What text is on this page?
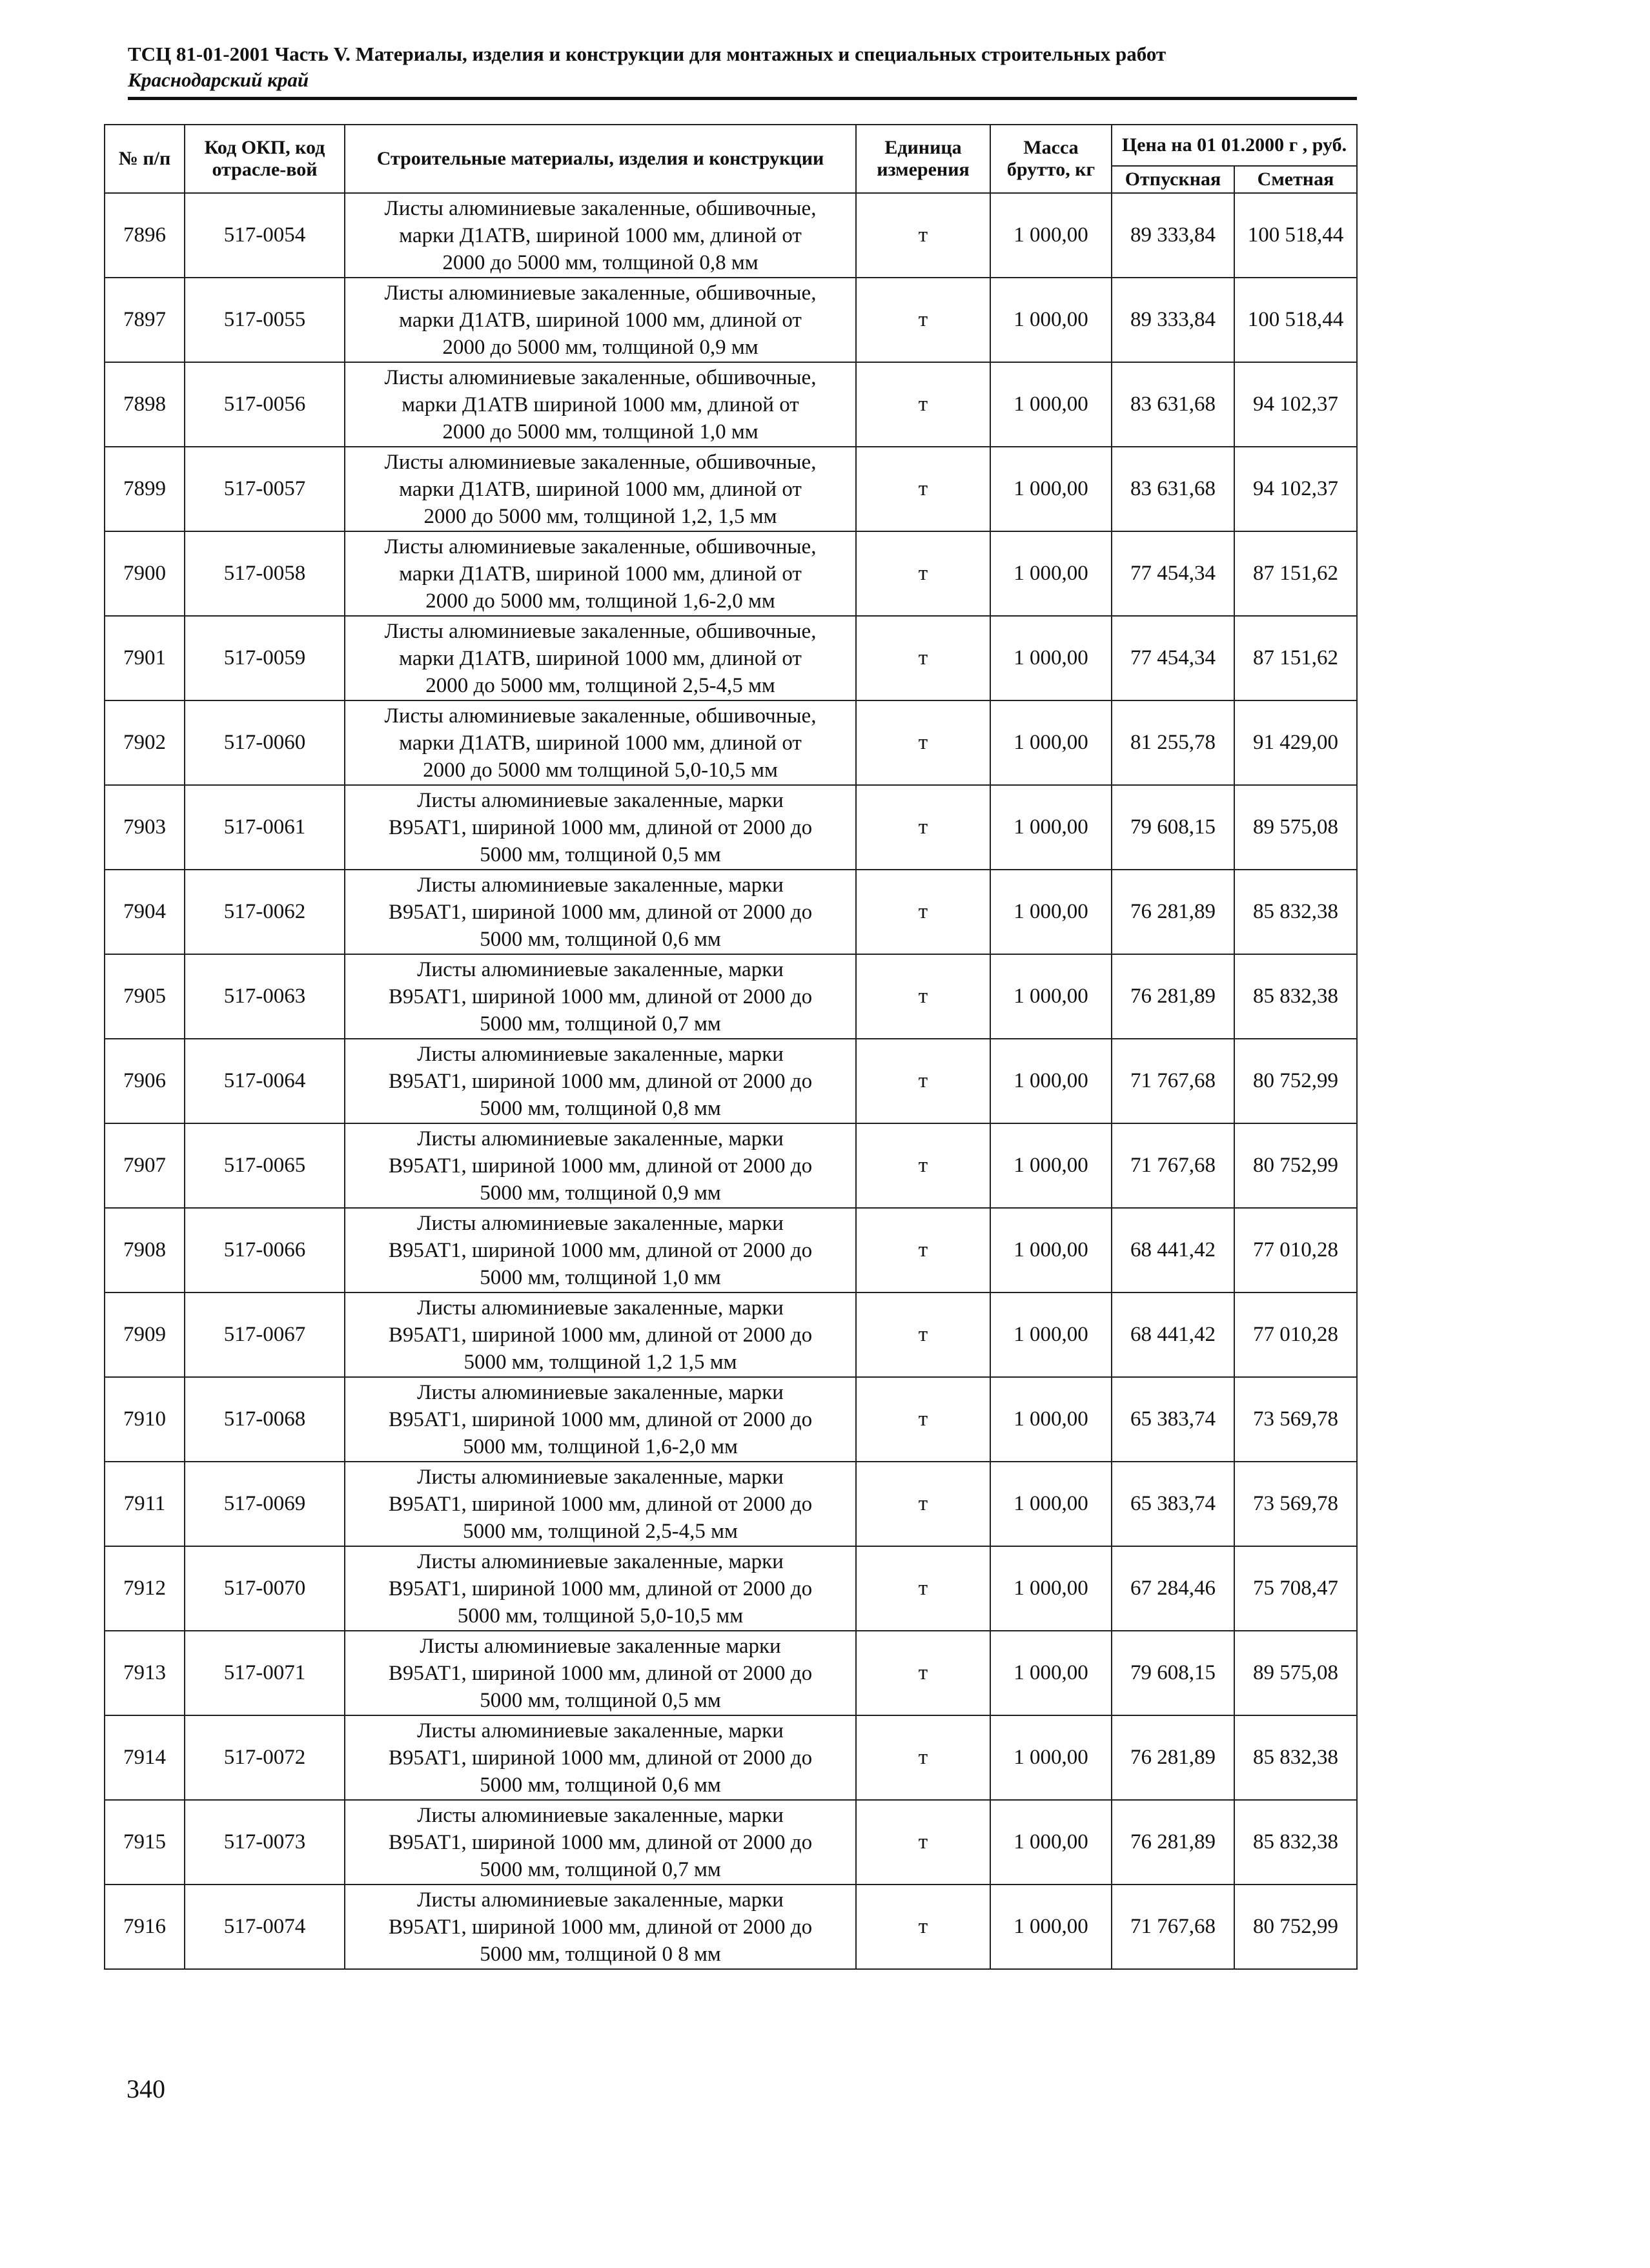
ТСЦ 81-01-2001 Часть V. Материалы, изделия и конструкции для монтажных и специальных строительных работ
Краснодарский край
№ п/п	Код ОКП, код отрасле-вой	Строительные материалы, изделия и конструкции	Единица измерения	Масса брутто, кг	Цена на 01 01.2000 г , руб.	
					Отпускная	Сметная
7896	517-0054	Листы алюминиевые закаленные, обшивочные,
марки Д1АТВ, шириной 1000 мм, длиной от
2000 до 5000 мм, толщиной 0,8 мм	т	1 000,00	89 333,84	100 518,44
7897	517-0055	Листы алюминиевые закаленные, обшивочные,
марки Д1АТВ, шириной 1000 мм, длиной от
2000 до 5000 мм, толщиной 0,9 мм	т	1 000,00	89 333,84	100 518,44
7898	517-0056	Листы алюминиевые закаленные, обшивочные,
марки Д1АТВ шириной 1000 мм, длиной от
2000 до 5000 мм, толщиной 1,0 мм	т	1 000,00	83 631,68	94 102,37
7899	517-0057	Листы алюминиевые закаленные, обшивочные,
марки Д1АТВ, шириной 1000 мм, длиной от
2000 до 5000 мм, толщиной 1,2, 1,5 мм	т	1 000,00	83 631,68	94 102,37
7900	517-0058	Листы алюминиевые закаленные, обшивочные,
марки Д1АТВ, шириной 1000 мм, длиной от
2000 до 5000 мм, толщиной 1,6-2,0 мм	т	1 000,00	77 454,34	87 151,62
7901	517-0059	Листы алюминиевые закаленные, обшивочные,
марки Д1АТВ, шириной 1000 мм, длиной от
2000 до 5000 мм, толщиной 2,5-4,5 мм	т	1 000,00	77 454,34	87 151,62
7902	517-0060	Листы алюминиевые закаленные, обшивочные,
марки Д1АТВ, шириной 1000 мм, длиной от
2000 до 5000 мм толщиной 5,0-10,5 мм	т	1 000,00	81 255,78	91 429,00
7903	517-0061	Листы алюминиевые закаленные, марки
В95АТ1, шириной 1000 мм, длиной от 2000 до
5000 мм, толщиной 0,5 мм	т	1 000,00	79 608,15	89 575,08
7904	517-0062	Листы алюминиевые закаленные, марки
В95АТ1, шириной 1000 мм, длиной от 2000 до
5000 мм, толщиной 0,6 мм	т	1 000,00	76 281,89	85 832,38
7905	517-0063	Листы алюминиевые закаленные, марки
В95АТ1, шириной 1000 мм, длиной от 2000 до
5000 мм, толщиной 0,7 мм	т	1 000,00	76 281,89	85 832,38
7906	517-0064	Листы алюминиевые закаленные, марки
В95АТ1, шириной 1000 мм, длиной от 2000 до
5000 мм, толщиной 0,8 мм	т	1 000,00	71 767,68	80 752,99
7907	517-0065	Листы алюминиевые закаленные, марки
В95АТ1, шириной 1000 мм, длиной от 2000 до
5000 мм, толщиной 0,9 мм	т	1 000,00	71 767,68	80 752,99
7908	517-0066	Листы алюминиевые закаленные, марки
В95АТ1, шириной 1000 мм, длиной от 2000 до
5000 мм, толщиной 1,0 мм	т	1 000,00	68 441,42	77 010,28
7909	517-0067	Листы алюминиевые закаленные, марки
В95АТ1, шириной 1000 мм, длиной от 2000 до
5000 мм, толщиной 1,2 1,5 мм	т	1 000,00	68 441,42	77 010,28
7910	517-0068	Листы алюминиевые закаленные, марки
В95АТ1, шириной 1000 мм, длиной от 2000 до
5000 мм, толщиной 1,6-2,0 мм	т	1 000,00	65 383,74	73 569,78
7911	517-0069	Листы алюминиевые закаленные, марки
В95АТ1, шириной 1000 мм, длиной от 2000 до
5000 мм, толщиной 2,5-4,5 мм	т	1 000,00	65 383,74	73 569,78
7912	517-0070	Листы алюминиевые закаленные, марки
В95АТ1, шириной 1000 мм, длиной от 2000 до
5000 мм, толщиной 5,0-10,5 мм	т	1 000,00	67 284,46	75 708,47
7913	517-0071	Листы алюминиевые закаленные марки
В95АТ1, шириной 1000 мм, длиной от 2000 до
5000 мм, толщиной 0,5 мм	т	1 000,00	79 608,15	89 575,08
7914	517-0072	Листы алюминиевые закаленные, марки
В95АТ1, шириной 1000 мм, длиной от 2000 до
5000 мм, толщиной 0,6 мм	т	1 000,00	76 281,89	85 832,38
7915	517-0073	Листы алюминиевые закаленные, марки
В95АТ1, шириной 1000 мм, длиной от 2000 до
5000 мм, толщиной 0,7 мм	т	1 000,00	76 281,89	85 832,38
7916	517-0074	Листы алюминиевые закаленные, марки
В95АТ1, шириной 1000 мм, длиной от 2000 до
5000 мм, толщиной 0 8 мм	т	1 000,00	71 767,68	80 752,99
340
